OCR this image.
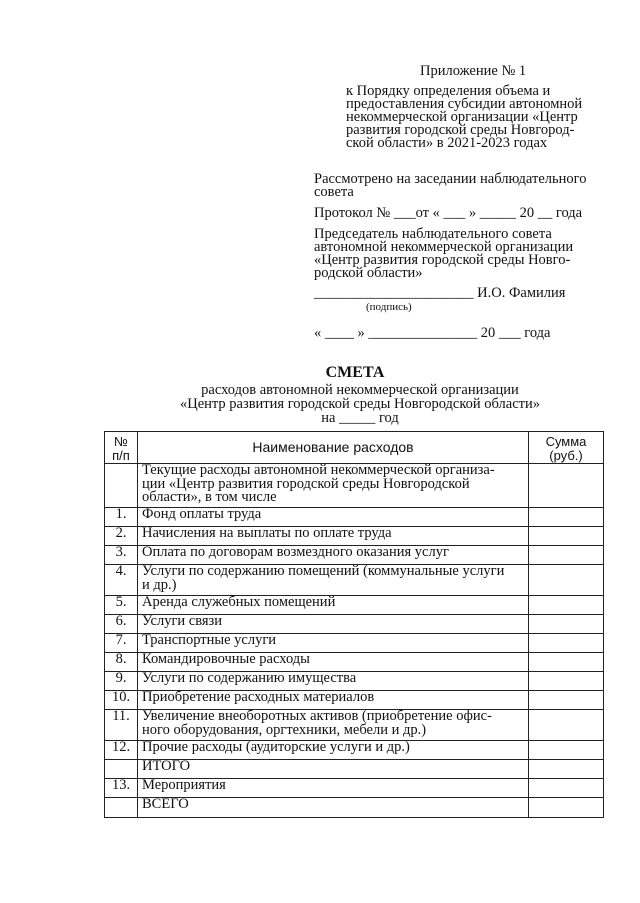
Приложение № 1
к Порядку определения объема и
предоставления субсидии автономной
некоммерческой организации «Центр
развития городской среды Новгород-
ской области» в 2021-2023 годах
Рассмотрено на заседании наблюдательного
совета
Протокол № ___от « ___ » _____ 20 __ года
Председатель наблюдательного совета
автономной некоммерческой организации
«Центр развития городской среды Новго-
родской области»
______________________ И.О. Фамилия
(подпись)
« ____ » _______________ 20 ___ года
СМЕТА
расходов автономной некоммерческой организации
«Центр развития городской среды Новгородской области»
на _____ год
№ п/п	Наименование расходов	Сумма (руб.)
	Текущие расходы автономной некоммерческой организа-
ции «Центр развития городской среды Новгородской
области», в том числе	
1.	Фонд оплаты труда	
2.	Начисления на выплаты по оплате труда	
3.	Оплата по договорам возмездного оказания услуг	
4.	Услуги по содержанию помещений (коммунальные услуги
и др.)	
5.	Аренда служебных помещений	
6.	Услуги связи	
7.	Транспортные услуги	
8.	Командировочные расходы	
9.	Услуги по содержанию имущества	
10.	Приобретение расходных материалов	
11.	Увеличение внеоборотных активов (приобретение офис-
ного оборудования, оргтехники, мебели и др.)	
12.	Прочие расходы (аудиторские услуги и др.)	
	ИТОГО	
13.	Мероприятия	
	ВСЕГО	
